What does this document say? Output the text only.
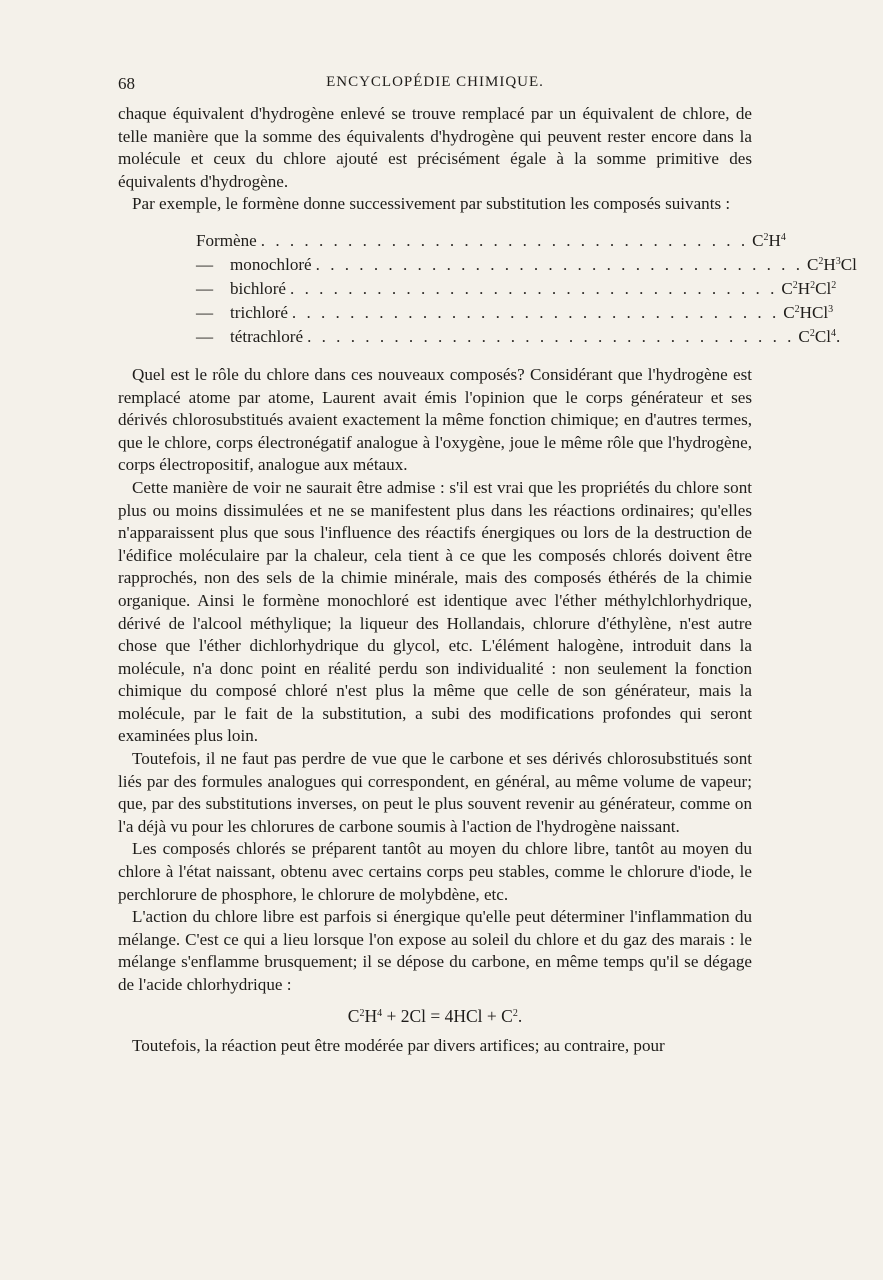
68	ENCYCLOPÉDIE CHIMIQUE.

chaque équivalent d'hydrogène enlevé se trouve remplacé par un équivalent de chlore, de telle manière que la somme des équivalents d'hydrogène qui peuvent rester encore dans la molécule et ceux du chlore ajouté est précisément égale à la somme primitive des équivalents d'hydrogène.

Par exemple, le formène donne successivement par substitution les composés suivants :

Formène . . . . . . . . . . . . . . . . . . . . . . . . . . . . . . . . . . $C^2H^4$
— monochloré . . . . . . . . . . . . . . . . . . . . . . . . . . . . . . . . . . $C^2H^3Cl$
— bichloré . . . . . . . . . . . . . . . . . . . . . . . . . . . . . . . . . . $C^2H^2Cl^2$
— trichloré . . . . . . . . . . . . . . . . . . . . . . . . . . . . . . . . . . $C^2HCl^3$
— tétrachloré . . . . . . . . . . . . . . . . . . . . . . . . . . . . . . . . . . $C^2Cl^4$.

Quel est le rôle du chlore dans ces nouveaux composés? Considérant que l'hydrogène est remplacé atome par atome, Laurent avait émis l'opinion que le corps générateur et ses dérivés chlorosubstitués avaient exactement la même fonction chimique; en d'autres termes, que le chlore, corps électronégatif analogue à l'oxygène, joue le même rôle que l'hydrogène, corps électropositif, analogue aux métaux.

Cette manière de voir ne saurait être admise : s'il est vrai que les propriétés du chlore sont plus ou moins dissimulées et ne se manifestent plus dans les réactions ordinaires; qu'elles n'apparaissent plus que sous l'influence des réactifs énergiques ou lors de la destruction de l'édifice moléculaire par la chaleur, cela tient à ce que les composés chlorés doivent être rapprochés, non des sels de la chimie minérale, mais des composés éthérés de la chimie organique. Ainsi le formène monochloré est identique avec l'éther méthylchlorhydrique, dérivé de l'alcool méthylique; la liqueur des Hollandais, chlorure d'éthylène, n'est autre chose que l'éther dichlorhydrique du glycol, etc. L'élément halogène, introduit dans la molécule, n'a donc point en réalité perdu son individualité : non seulement la fonction chimique du composé chloré n'est plus la même que celle de son générateur, mais la molécule, par le fait de la substitution, a subi des modifications profondes qui seront examinées plus loin.

Toutefois, il ne faut pas perdre de vue que le carbone et ses dérivés chlorosubstitués sont liés par des formules analogues qui correspondent, en général, au même volume de vapeur; que, par des substitutions inverses, on peut le plus souvent revenir au générateur, comme on l'a déjà vu pour les chlorures de carbone soumis à l'action de l'hydrogène naissant.

Les composés chlorés se préparent tantôt au moyen du chlore libre, tantôt au moyen du chlore à l'état naissant, obtenu avec certains corps peu stables, comme le chlorure d'iode, le perchlorure de phosphore, le chlorure de molybdène, etc.

L'action du chlore libre est parfois si énergique qu'elle peut déterminer l'inflammation du mélange. C'est ce qui a lieu lorsque l'on expose au soleil du chlore et du gaz des marais : le mélange s'enflamme brusquement; il se dépose du carbone, en même temps qu'il se dégage de l'acide chlorhydrique :

$C^2H^4 + 2Cl = 4HCl + C^2$.

Toutefois, la réaction peut être modérée par divers artifices; au contraire, pour
